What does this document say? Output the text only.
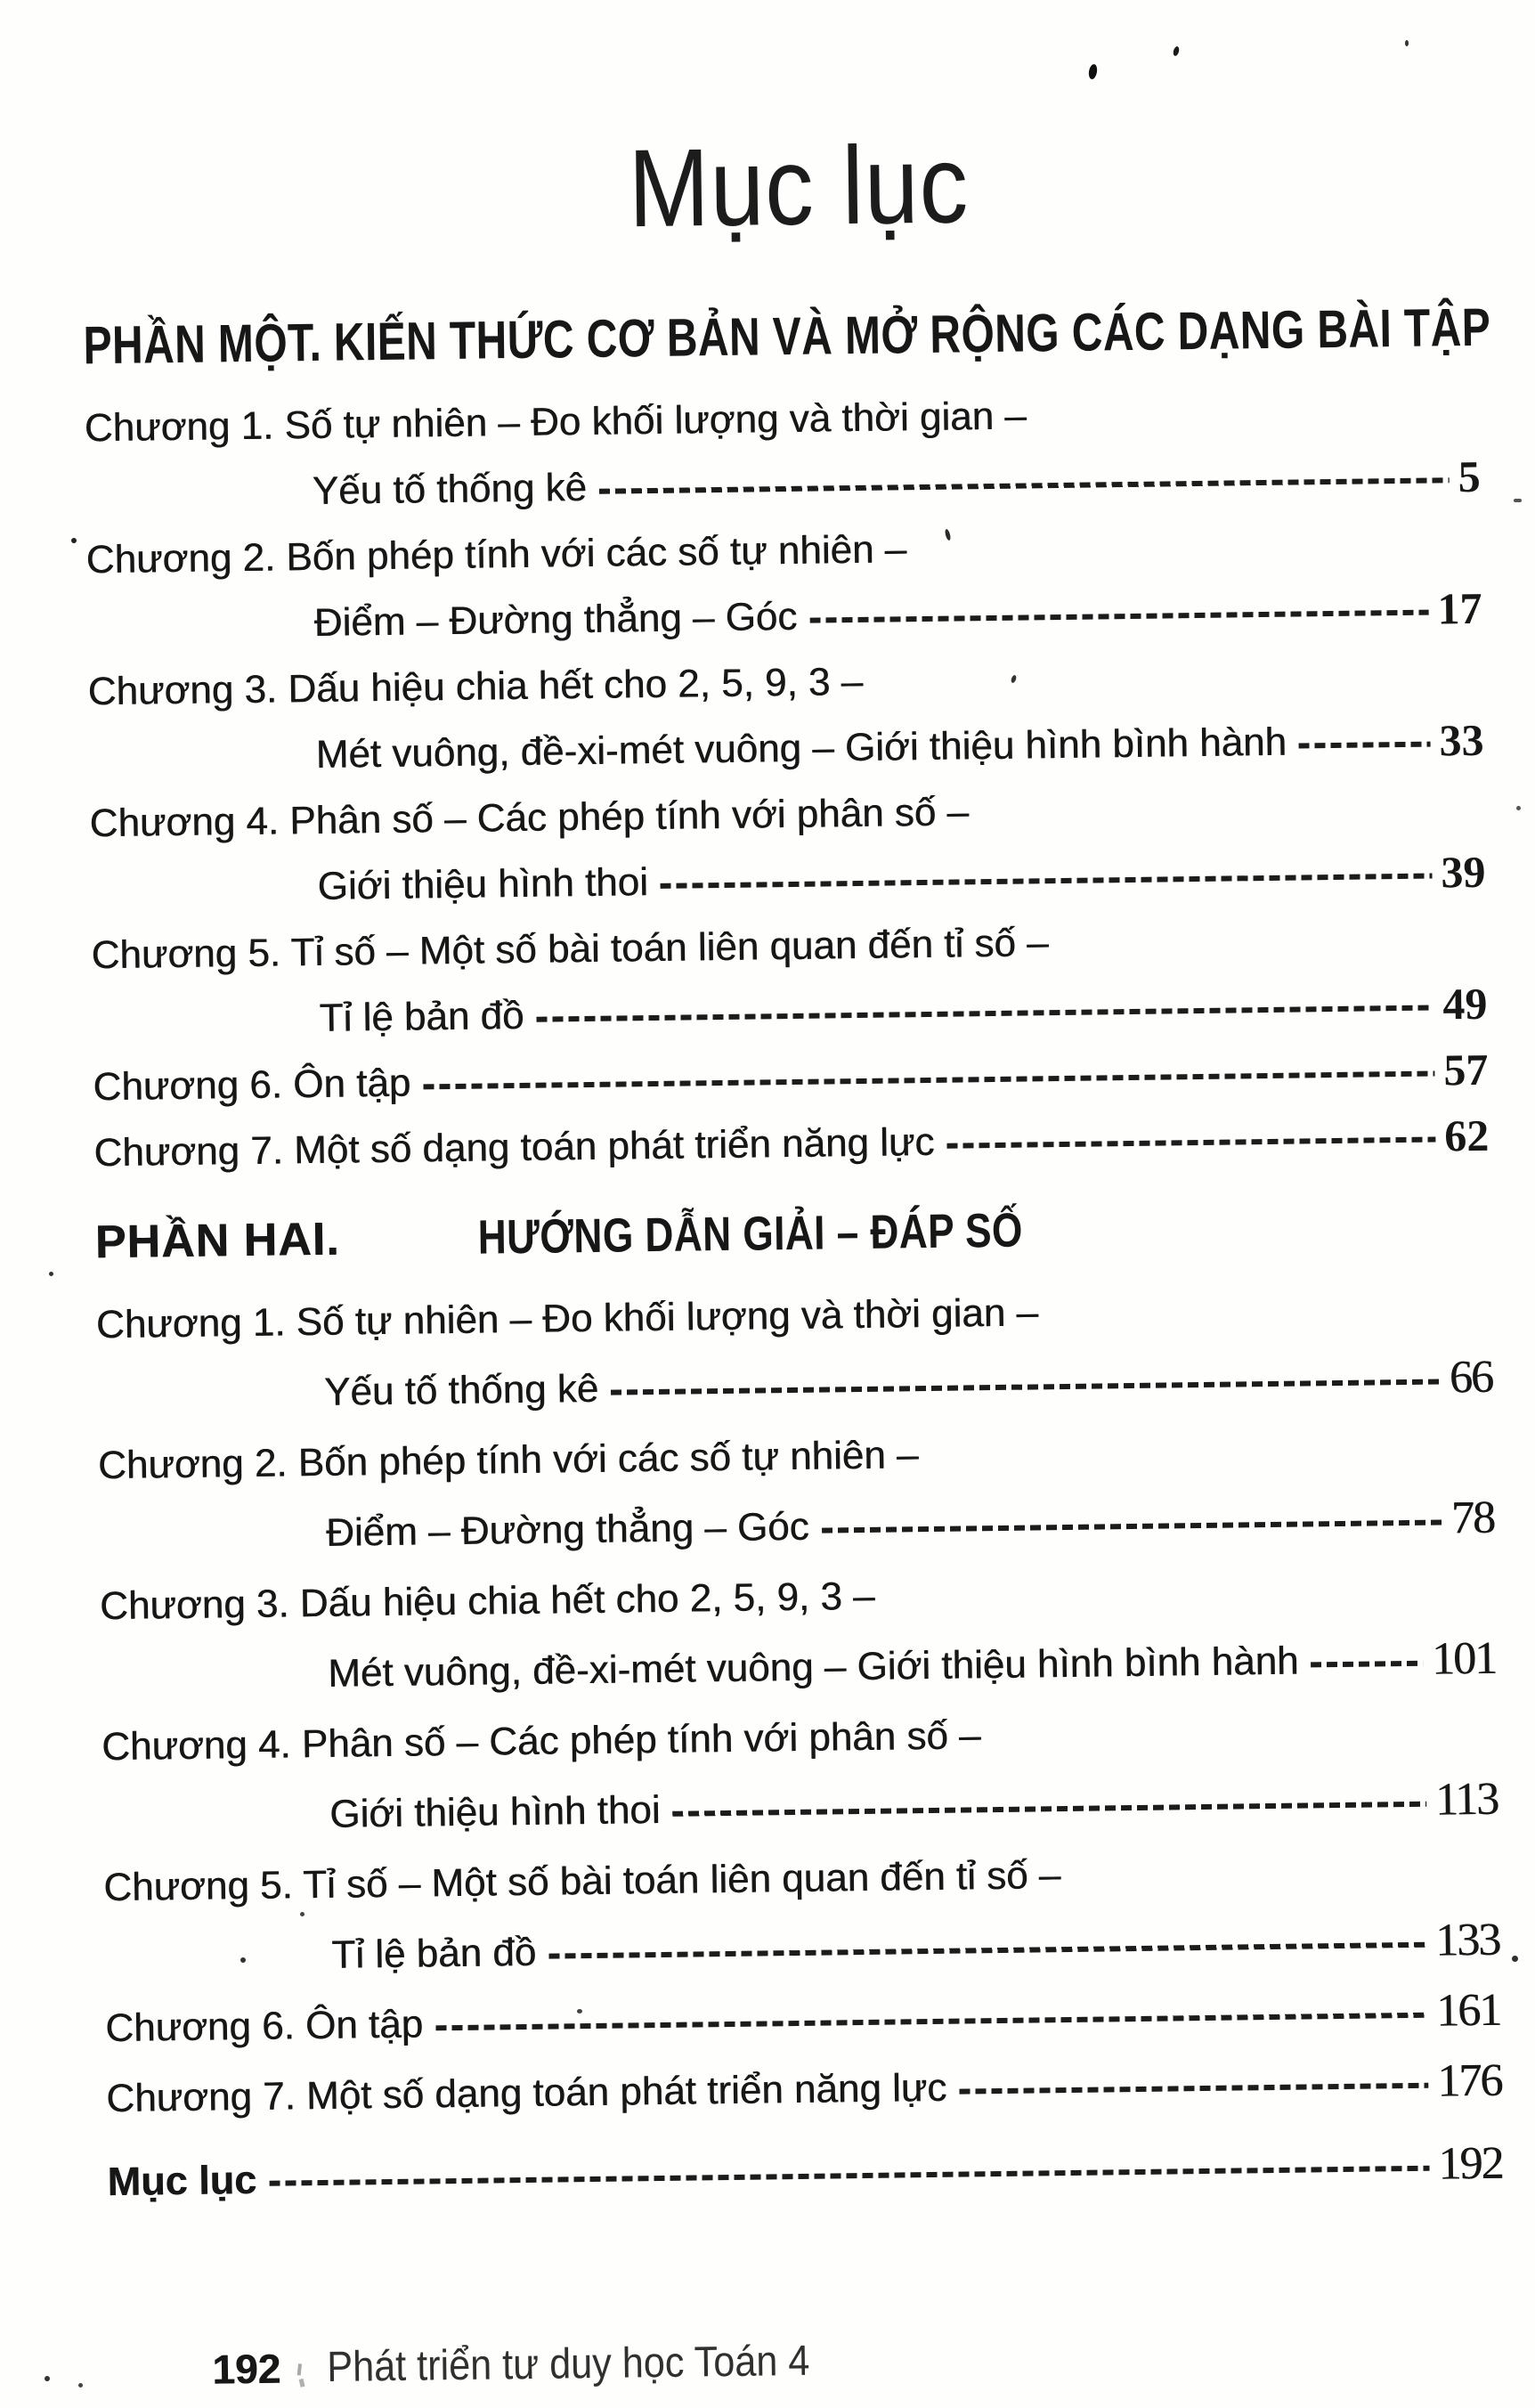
Mục lục
PHẦN MỘT. KIẾN THỨC CƠ BẢN VÀ MỞ RỘNG CÁC DẠNG BÀI TẬP
Chương 1. Số tự nhiên – Đo khối lượng và thời gian –
Yếu tố thống kê	5
Chương 2. Bốn phép tính với các số tự nhiên –
Điểm – Đường thẳng – Góc	17
Chương 3. Dấu hiệu chia hết cho 2, 5, 9, 3 –
Mét vuông, đề-xi-mét vuông – Giới thiệu hình bình hành	33
Chương 4. Phân số – Các phép tính với phân số –
Giới thiệu hình thoi	39
Chương 5. Tỉ số – Một số bài toán liên quan đến tỉ số –
Tỉ lệ bản đồ	49
Chương 6. Ôn tập	57
Chương 7. Một số dạng toán phát triển năng lực	62
PHẦN HAI.	HƯỚNG DẪN GIẢI – ĐÁP SỐ
Chương 1. Số tự nhiên – Đo khối lượng và thời gian –
Yếu tố thống kê	66
Chương 2. Bốn phép tính với các số tự nhiên –
Điểm – Đường thẳng – Góc	78
Chương 3. Dấu hiệu chia hết cho 2, 5, 9, 3 –
Mét vuông, đề-xi-mét vuông – Giới thiệu hình bình hành	101
Chương 4. Phân số – Các phép tính với phân số –
Giới thiệu hình thoi	113
Chương 5. Tỉ số – Một số bài toán liên quan đến tỉ số –
Tỉ lệ bản đồ	133
Chương 6. Ôn tập	161
Chương 7. Một số dạng toán phát triển năng lực	176
Mục lục	192
192 Phát triển tư duy học Toán 4
